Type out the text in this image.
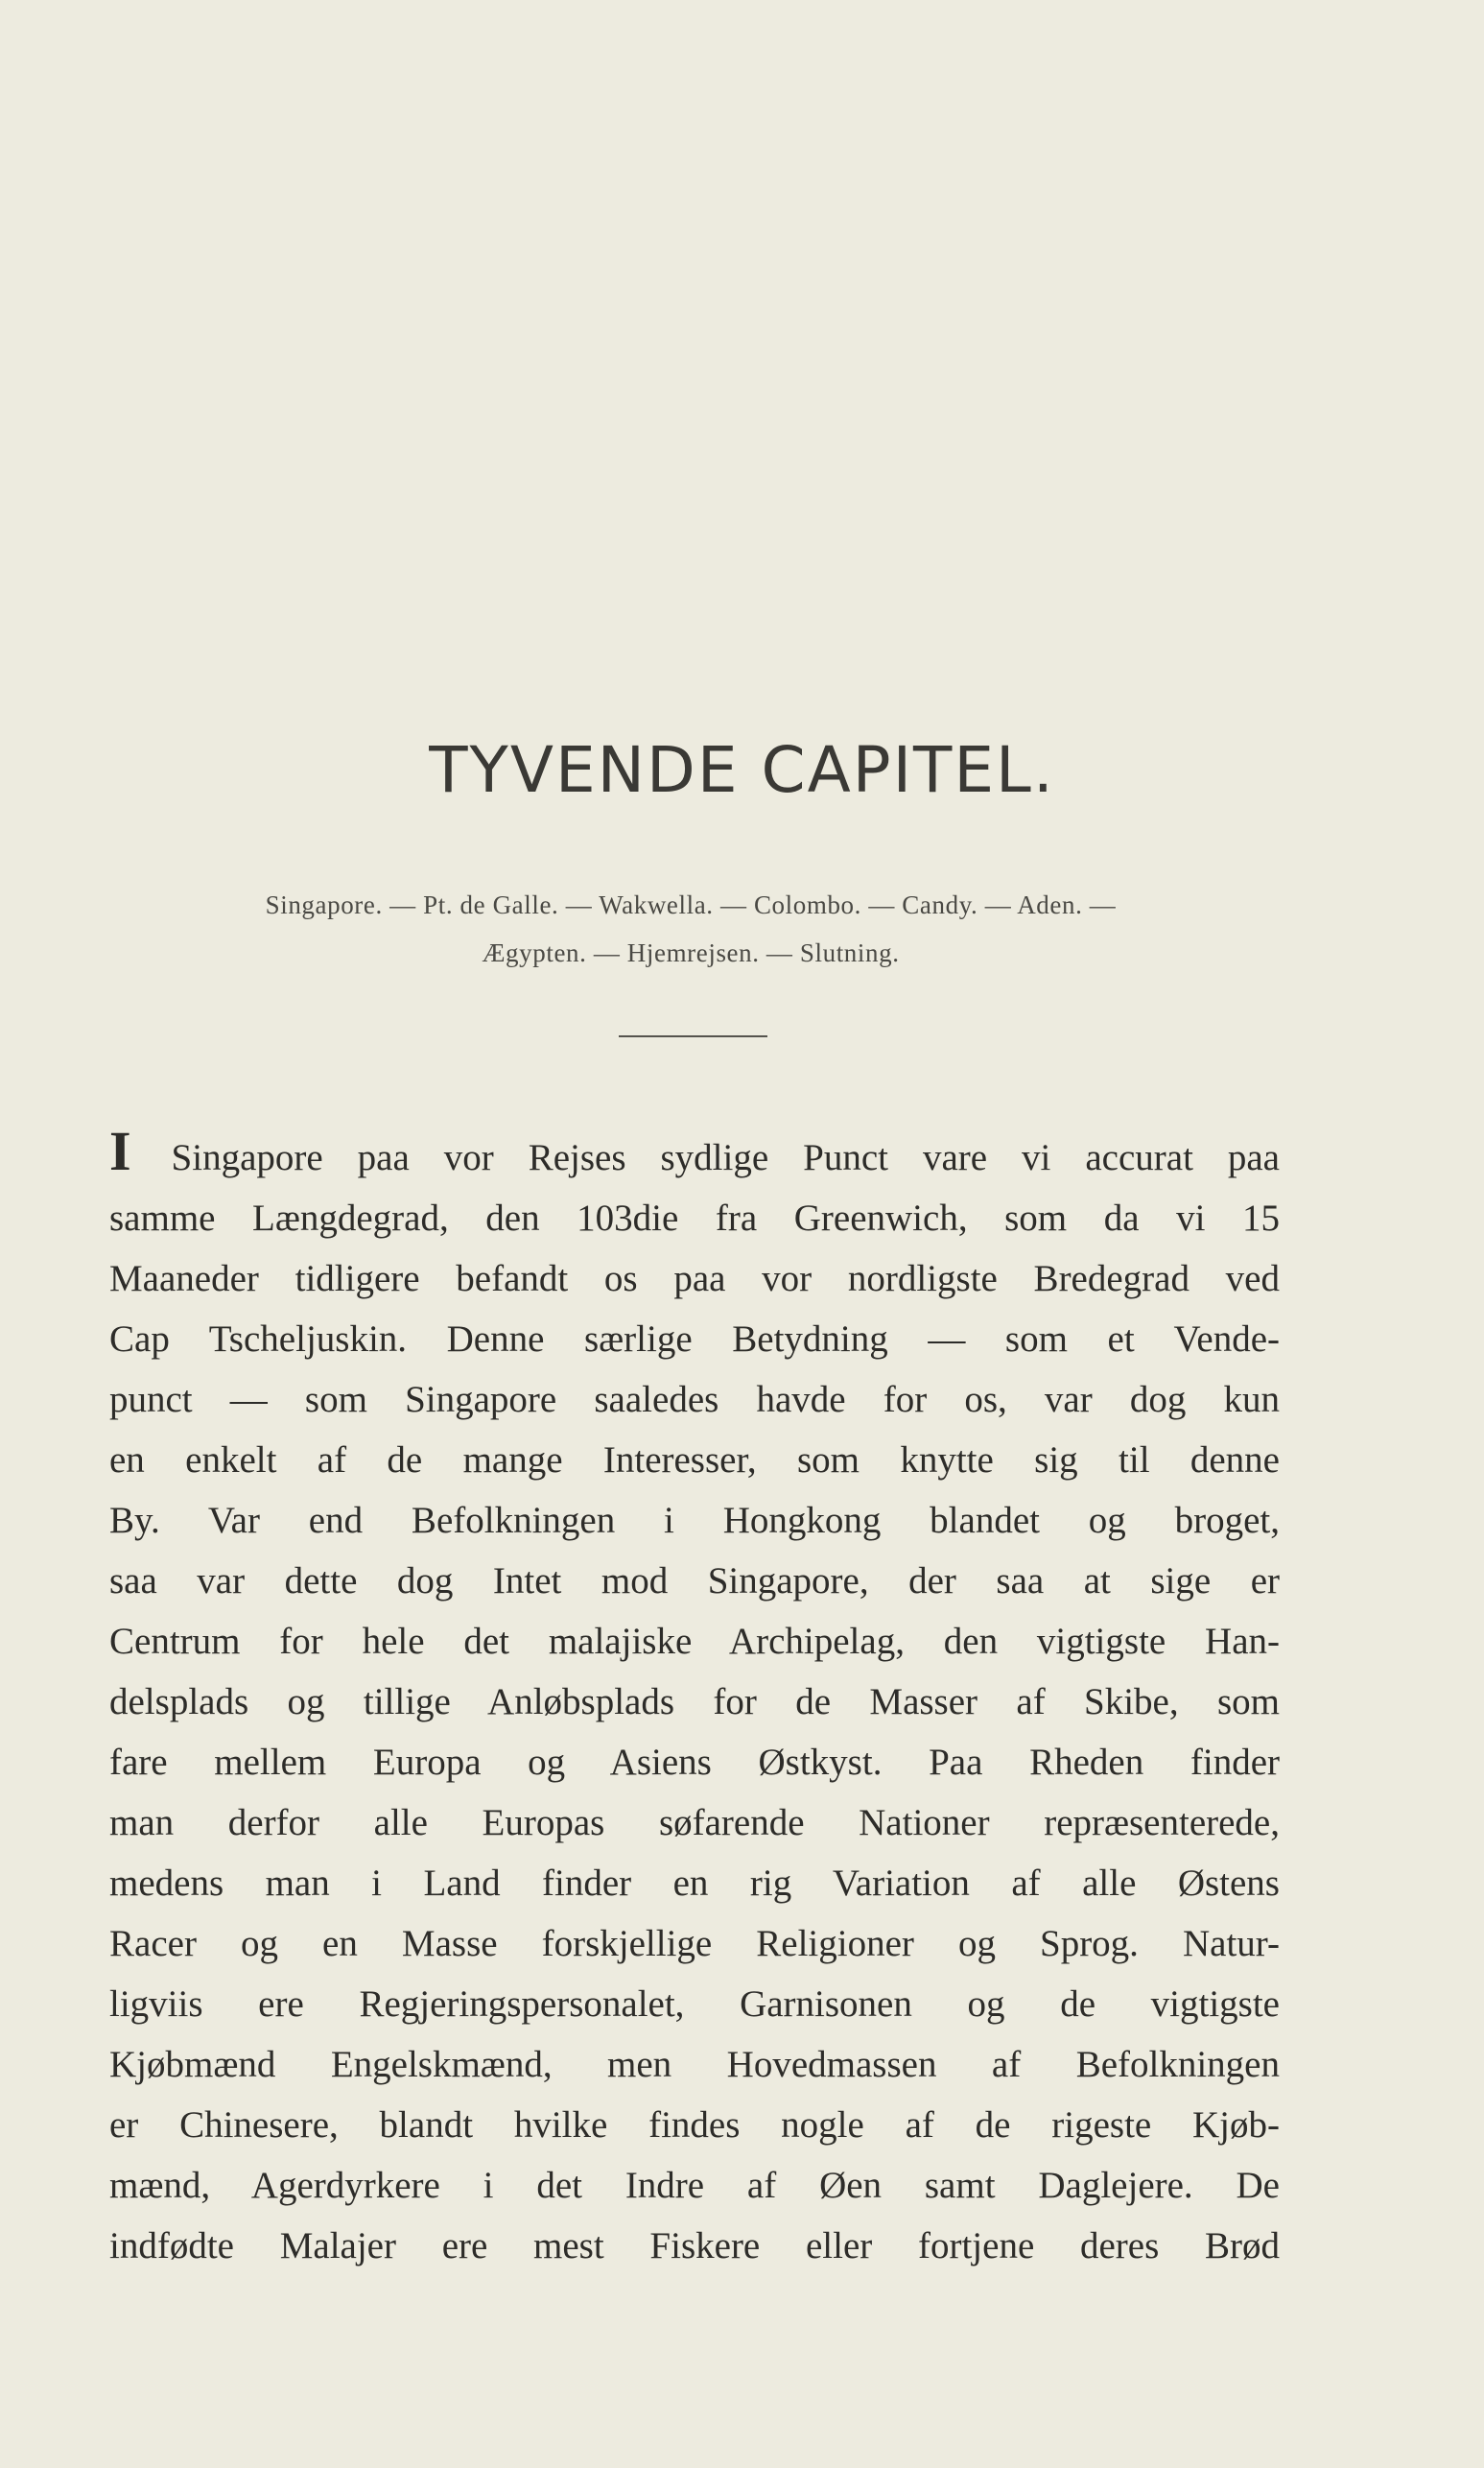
TYVENDE CAPITEL.
Singapore. — Pt. de Galle. — Wakwella. — Colombo. — Candy. — Aden. —
Ægypten. — Hjemrejsen. — Slutning.
I Singapore paa vor Rejses sydlige Punct vare vi accurat paa
samme Længdegrad, den 103die fra Greenwich, som da vi 15
Maaneder tidligere befandt os paa vor nordligste Bredegrad ved
Cap Tscheljuskin. Denne særlige Betydning — som et Vende-
punct — som Singapore saaledes havde for os, var dog kun
en enkelt af de mange Interesser, som knytte sig til denne
By. Var end Befolkningen i Hongkong blandet og broget,
saa var dette dog Intet mod Singapore, der saa at sige er
Centrum for hele det malajiske Archipelag, den vigtigste Han-
delsplads og tillige Anløbsplads for de Masser af Skibe, som
fare mellem Europa og Asiens Østkyst. Paa Rheden finder
man derfor alle Europas søfarende Nationer repræsenterede,
medens man i Land finder en rig Variation af alle Østens
Racer og en Masse forskjellige Religioner og Sprog. Natur-
ligviis ere Regjeringspersonalet, Garnisonen og de vigtigste
Kjøbmænd Engelskmænd, men Hovedmassen af Befolkningen
er Chinesere, blandt hvilke findes nogle af de rigeste Kjøb-
mænd, Agerdyrkere i det Indre af Øen samt Daglejere. De
indfødte Malajer ere mest Fiskere eller fortjene deres Brød
